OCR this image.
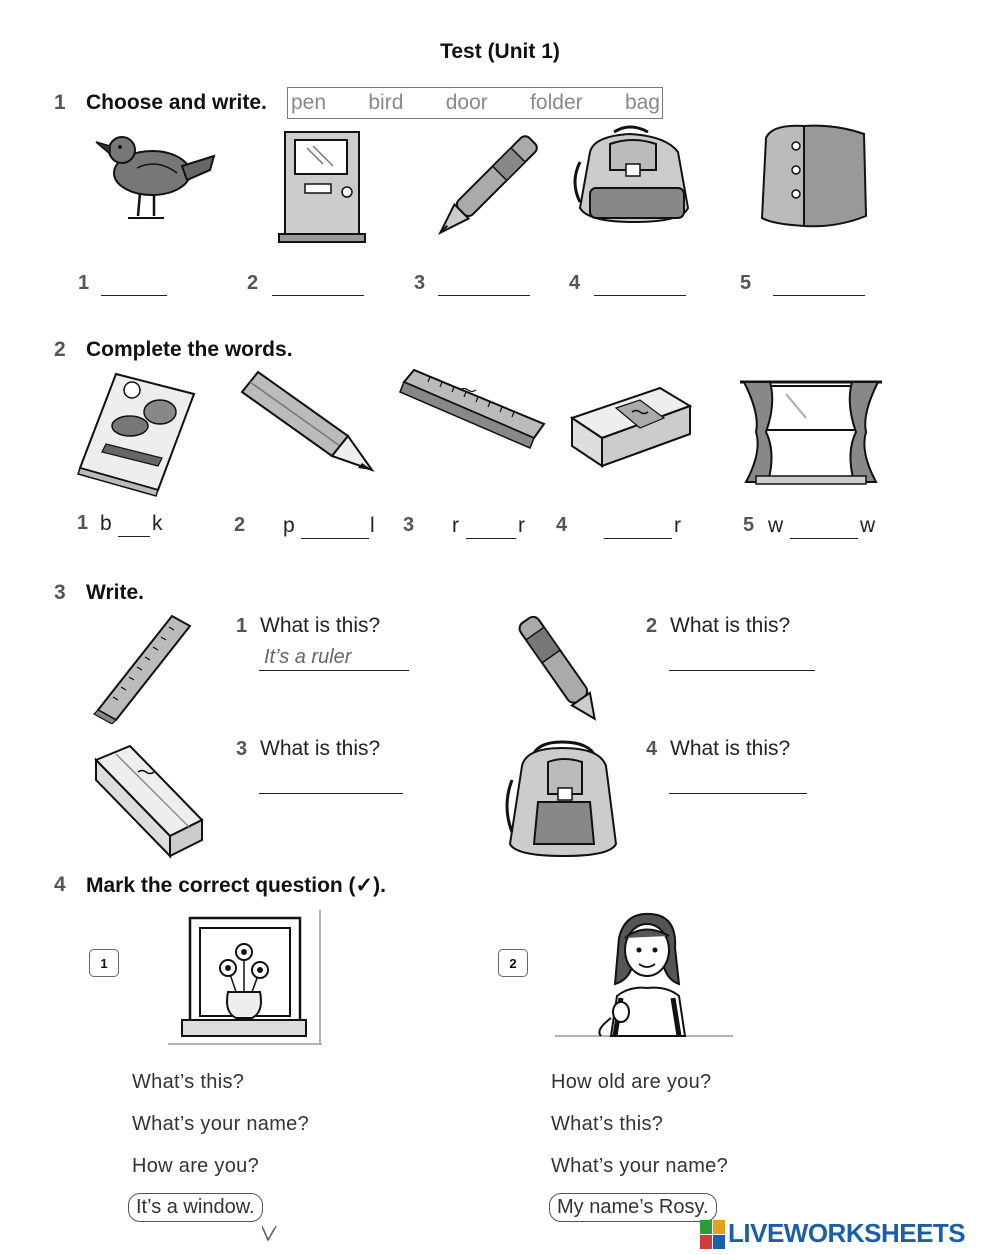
Test (Unit 1)
1 Choose and write. pen bird door folder bag
1	2	3	4	5
2 Complete the words.
1 b k	2 p	l 3 r	r 4	r	5 w	w
3 Write.
1 What is this?
It’s a ruler
2 What is this?
3 What is this?	4 What is this?
4 Mark the correct question (✓).
1	2
What’s this?
What’s your name?
How are you?
It’s a window.
How old are you?
What’s this?
What’s your name?
My name’s Rosy.
LIVEWORKSHEETS
